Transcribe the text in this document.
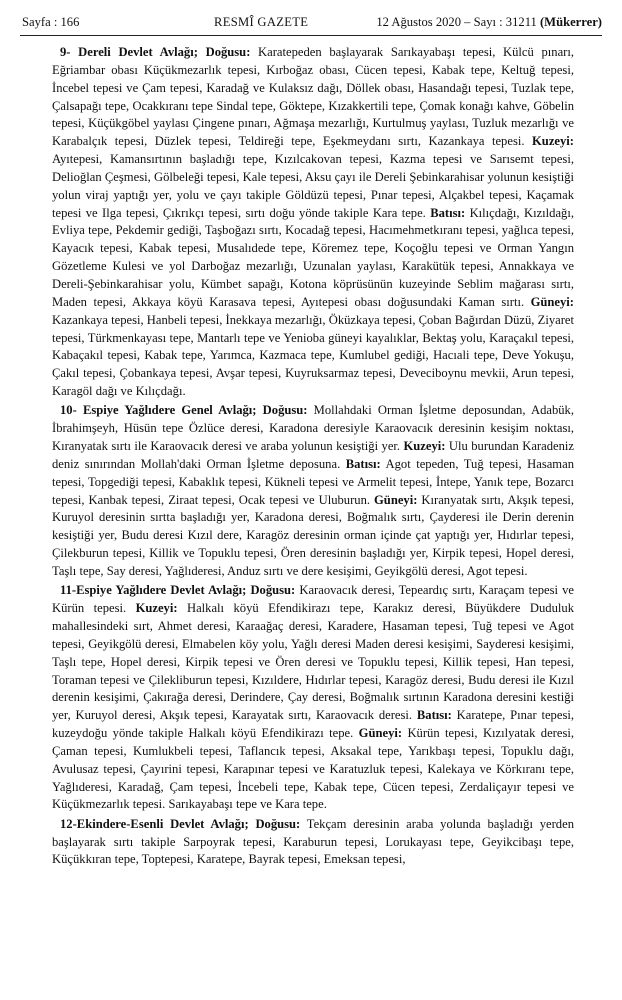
Sayfa : 166	RESMÎ GAZETE	12 Ağustos 2020 – Sayı : 31211 (Mükerrer)

9- Dereli Devlet Avlağı; Doğusu: Karatepeden başlayarak Sarıkayabaşı tepesi, Külcü pınarı, Eğriambar obası Küçükmezarlık tepesi, Kırboğaz obası, Cücen tepesi, Kabak tepe, Keltuğ tepesi, İncebel tepesi ve Çam tepesi, Karadağ ve Kulaksız dağı, Döllek obası, Hasandağı tepesi, Tuzlak tepe, Çalsapağı tepe, Ocakkıranı tepe Sindal tepe, Göktepe, Kızakkertili tepe, Çomak konağı kahve, Göbelin tepesi, Küçükgöbel yaylası Çingene pınarı, Ağmaşa mezarlığı, Kurtulmuş yaylası, Tuzluk mezarlığı ve Karabalçık tepesi, Düzlek tepesi, Teldireği tepe, Eşekmeydanı sırtı, Kazankaya tepesi. Kuzeyi: Ayıtepesi, Kamansırtının başladığı tepe, Kızılcakovan tepesi, Kazma tepesi ve Sarısemt tepesi, Delioğlan Çeşmesi, Gölbeleği tepesi, Kale tepesi, Aksu çayı ile Dereli Şebinkarahisar yolunun kesiştiği yolun viraj yaptığı yer, yolu ve çayı takiple Göldüzü tepesi, Pınar tepesi, Alçakbel tepesi, Kaçamak tepesi ve Ilga tepesi, Çıkrıkçı tepesi, sırtı doğu yönde takiple Kara tepe. Batısı: Kılıçdağı, Kızıldağı, Evliya tepe, Pekdemir gediği, Taşboğazı sırtı, Kocadağ tepesi, Hacımehmetkıranı tepesi, yağlıca tepesi, Kayacık tepesi, Kabak tepesi, Musalıdede tepe, Köremez tepe, Koçoğlu tepesi ve Orman Yangın Gözetleme Kulesi ve yol Darboğaz mezarlığı, Uzunalan yaylası, Karakütük tepesi, Annakkaya ve Dereli-Şebinkarahisar yolu, Kümbet sapağı, Kotona köprüsünün kuzeyinde Seblim mağarası sırtı, Maden tepesi, Akkaya köyü Karasava tepesi, Ayıtepesi obası doğusundaki Kaman sırtı. Güneyi: Kazankaya tepesi, Hanbeli tepesi, İnekkaya mezarlığı, Öküzkaya tepesi, Çoban Bağırdan Düzü, Ziyaret tepesi, Türkmenkayası tepe, Mantarlı tepe ve Yenioba güneyi kayalıklar, Bektaş yolu, Karaçakıl tepesi, Kabaçakıl tepesi, Kabak tepe, Yarımca, Kazmaca tepe, Kumlubel gediği, Hacıali tepe, Deve Yokuşu, Çakıl tepesi, Çobankaya tepesi, Avşar tepesi, Kuyruksarmaz tepesi, Deveciboynu mevkii, Arun tepesi, Karagöl dağı ve Kılıçdağı.

10- Espiye Yağlıdere Genel Avlağı; Doğusu: Mollahdaki Orman İşletme deposundan, Adabük, İbrahimşeyh, Hüsün tepe Özlüce deresi, Karadona deresiyle Karaovacık deresinin kesişim noktası, Kıranyatak sırtı ile Karaovacık deresi ve araba yolunun kesiştiği yer. Kuzeyi: Ulu burundan Karadeniz deniz sınırından Mollah'daki Orman İşletme deposuna. Batısı: Agot tepeden, Tuğ tepesi, Hasaman tepesi, Topgediği tepesi, Kabaklık tepesi, Kükneli tepesi ve Armelit tepesi, İntepe, Yanık tepe, Bozarcı tepesi, Kanbak tepesi, Ziraat tepesi, Ocak tepesi ve Uluburun. Güneyi: Kıranyatak sırtı, Akşık tepesi, Kuruyol deresinin sırtta başladığı yer, Karadona deresi, Boğmalık sırtı, Çayderesi ile Derin derenin kesiştiği yer, Budu deresi Kızıl dere, Karagöz deresinin orman içinde çat yaptığı yer, Hıdırlar tepesi, Çilekburun tepesi, Killik ve Topuklu tepesi, Ören deresinin başladığı yer, Kirpik tepesi, Hopel deresi, Taşlı tepe, Say deresi, Yağlıderesi, Anduz sırtı ve dere kesişimi, Geyikgölü deresi, Agot tepesi.

11-Espiye Yağlıdere Devlet Avlağı; Doğusu: Karaovacık deresi, Tepeardıç sırtı, Karaçam tepesi ve Kürün tepesi. Kuzeyi: Halkalı köyü Efendikirazı tepe, Karakız deresi, Büyükdere Duduluk mahallesindeki sırt, Ahmet deresi, Karaağaç deresi, Karadere, Hasaman tepesi, Tuğ tepesi ve Agot tepesi, Geyikgölü deresi, Elmabelen köy yolu, Yağlı deresi Maden deresi kesişimi, Sayderesi kesişimi, Taşlı tepe, Hopel deresi, Kirpik tepesi ve Ören deresi ve Topuklu tepesi, Killik tepesi, Han tepesi, Toraman tepesi ve Çilekliburun tepesi, Kızıldere, Hıdırlar tepesi, Karagöz deresi, Budu deresi ile Kızıl derenin kesişimi, Çakırağa deresi, Derindere, Çay deresi, Boğmalık sırtının Karadona deresini kestiği yer, Kuruyol deresi, Akşık tepesi, Karayatak sırtı, Karaovacık deresi. Batısı: Karatepe, Pınar tepesi, kuzeydoğu yönde takiple Halkalı köyü Efendikirazı tepe. Güneyi: Kürün tepesi, Kızılyatak deresi, Çaman tepesi, Kumlukbeli tepesi, Taflancık tepesi, Aksakal tepe, Yarıkbaşı tepesi, Topuklu dağı, Avulusaz tepesi, Çayırini tepesi, Karapınar tepesi ve Karatuzluk tepesi, Kalekaya ve Körkıranı tepe, Yağlıderesi, Karadağ, Çam tepesi, İncebeli tepe, Kabak tepe, Cücen tepesi, Zerdaliçayır tepesi ve Küçükmezarlık tepesi. Sarıkayabaşı tepe ve Kara tepe.

12-Ekindere-Esenli Devlet Avlağı; Doğusu: Tekçam deresinin araba yolunda başladığı yerden başlayarak sırtı takiple Sarpoyrak tepesi, Karaburun tepesi, Lorukayası tepe, Geyikcibaşı tepe, Küçükkıran tepe, Toptepesi, Karatepe, Bayrak tepesi, Emeksan tepesi,
